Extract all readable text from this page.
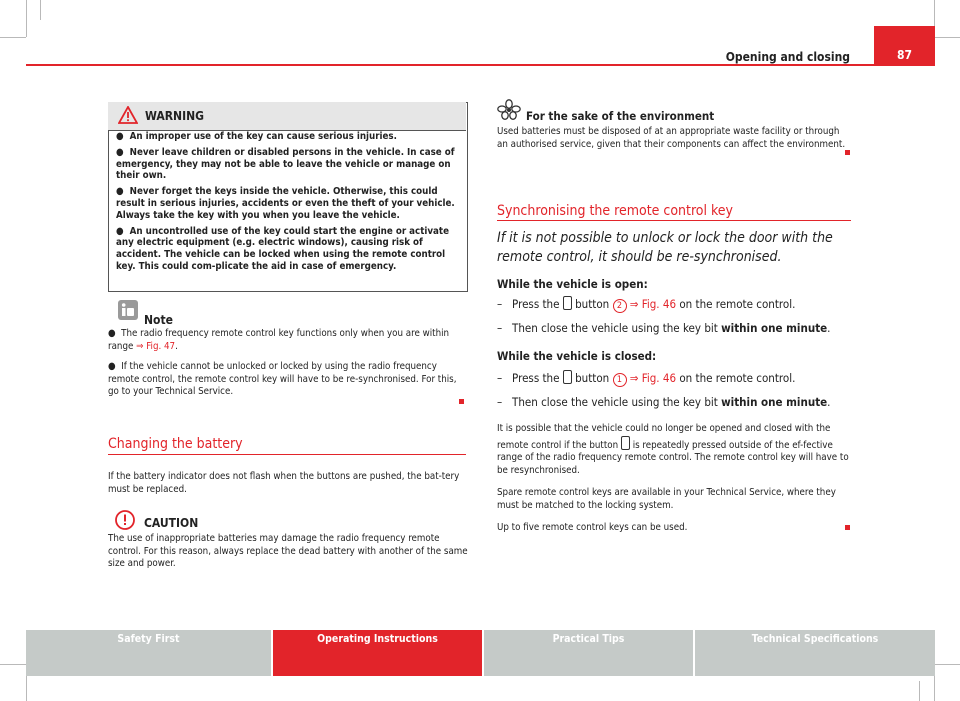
Opening and closing	87
WARNING

●  An improper use of the key can cause serious injuries.

●  Never leave children or disabled persons in the vehicle. In case of emergency, they may not be able to leave the vehicle or manage on their own.

●  Never forget the keys inside the vehicle. Otherwise, this could result in serious injuries, accidents or even the theft of your vehicle. Always take the key with you when you leave the vehicle.

●  An uncontrolled use of the key could start the engine or activate any electric equipment (e.g. electric windows), causing risk of accident. The vehicle can be locked when using the remote control key. This could com-plicate the aid in case of emergency.

Note
●  The radio frequency remote control key functions only when you are within range ⇒ Fig. 47.
●  If the vehicle cannot be unlocked or locked by using the radio frequency remote control, the remote control key will have to be re-synchronised. For this, go to your Technical Service.
Changing the battery
If the battery indicator does not flash when the buttons are pushed, the bat-tery must be replaced.
CAUTION
The use of inappropriate batteries may damage the radio frequency remote control. For this reason, always replace the dead battery with another of the same size and power.
For the sake of the environment
Used batteries must be disposed of at an appropriate waste facility or through an authorised service, given that their components can affect the environment.
Synchronising the remote control key
If it is not possible to unlock or lock the door with the remote control, it should be re-synchronised.
While the vehicle is open:
–   Press the button 2 ⇒ Fig. 46 on the remote control.
–   Then close the vehicle using the key bit within one minute.
While the vehicle is closed:
–   Press the button 1 ⇒ Fig. 46 on the remote control.
–   Then close the vehicle using the key bit within one minute.
It is possible that the vehicle could no longer be opened and closed with the remote control if the button is repeatedly pressed outside of the ef-fective range of the radio frequency remote control. The remote control key will have to be resynchronised.
Spare remote control keys are available in your Technical Service, where they must be matched to the locking system.
Up to five remote control keys can be used.
Safety First	Operating Instructions	Practical Tips	Technical Specifications
